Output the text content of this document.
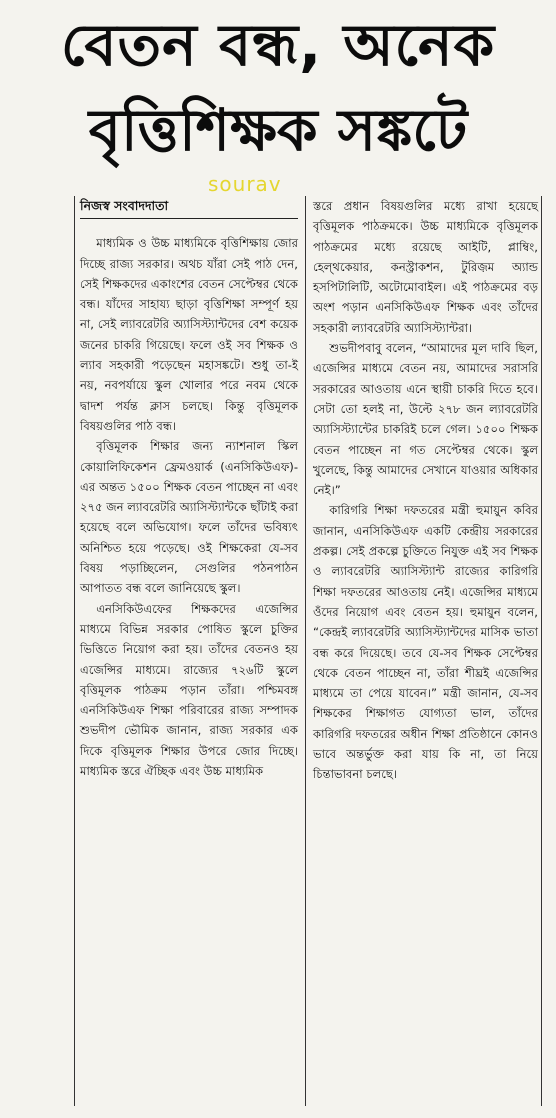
বেতন বন্ধ, অনেক
বৃত্তিশিক্ষক সঙ্কটে
sourav
নিজস্ব সংবাদদাতা

মাধ্যমিক ও উচ্চ মাধ্যমিকে বৃত্তিশিক্ষায় জোর দিচ্ছে রাজ্য সরকার। অথচ যাঁরা সেই পাঠ দেন, সেই শিক্ষকদের একাংশের বেতন সেপ্টেম্বর থেকে বন্ধ। যাঁদের সাহায্য ছাড়া বৃত্তিশিক্ষা সম্পূর্ণ হয় না, সেই ল্যাবরেটরি অ্যাসিস্ট্যান্টদের বেশ কয়েক জনের চাকরি গিয়েছে। ফলে ওই সব শিক্ষক ও ল্যাব সহকারী পড়েছেন মহাসঙ্কটে। শুধু তা-ই নয়, নবপর্যায়ে স্কুল খোলার পরে নবম থেকে দ্বাদশ পর্যন্ত ক্লাস চলছে। কিন্তু বৃত্তিমূলক বিষয়গুলির পাঠ বন্ধ।

বৃত্তিমূলক শিক্ষার জন্য ন্যাশনাল স্কিল কোয়ালিফিকেশন ফ্রেমওয়ার্ক (এনসিকিউএফ)-এর অন্তত ১৫০০ শিক্ষক বেতন পাচ্ছেন না এবং ২৭৫ জন ল্যাবরেটরি অ্যাসিস্ট্যান্টকে ছাঁটাই করা হয়েছে বলে অভিযোগ। ফলে তাঁদের ভবিষ্যৎ অনিশ্চিত হয়ে পড়েছে। ওই শিক্ষকেরা যে-সব বিষয় পড়াচ্ছিলেন, সেগুলির পঠনপাঠন আপাতত বন্ধ বলে জানিয়েছে স্কুল।

এনসিকিউএফের শিক্ষকদের এজেন্সির মাধ্যমে বিভিন্ন সরকার পোষিত স্কুলে চুক্তির ভিত্তিতে নিয়োগ করা হয়। তাঁদের বেতনও হয় এজেন্সির মাধ্যমে। রাজ্যের ৭২৬টি স্কুলে বৃত্তিমূলক পাঠক্রম পড়ান তাঁরা। পশ্চিমবঙ্গ এনসিকিউএফ শিক্ষা পরিবারের রাজ্য সম্পাদক শুভদীপ ভৌমিক জানান, রাজ্য সরকার এক দিকে বৃত্তিমূলক শিক্ষার উপরে জোর দিচ্ছে। মাধ্যমিক স্তরে ঐচ্ছিক এবং উচ্চ মাধ্যমিক

স্তরে প্রধান বিষয়গুলির মধ্যে রাখা হয়েছে বৃত্তিমূলক পাঠক্রমকে। উচ্চ মাধ্যমিকে বৃত্তিমূলক পাঠক্রমের মধ্যে রয়েছে আইটি, প্লাম্বিং, হেল্থকেয়ার, কনস্ট্রাকশন, টুরিজ়ম অ্যান্ড হসপিটালিটি, অটোমোবাইল। এই পাঠক্রমের বড় অংশ পড়ান এনসিকিউএফ শিক্ষক এবং তাঁদের সহকারী ল্যাবরেটরি অ্যাসিস্ট্যান্টরা।

শুভদীপবাবু বলেন, “আমাদের মূল দাবি ছিল, এজেন্সির মাধ্যমে বেতন নয়, আমাদের সরাসরি সরকারের আওতায় এনে স্থায়ী চাকরি দিতে হবে। সেটা তো হলই না, উল্টে ২৭৮ জন ল্যাবরেটরি অ্যাসিস্ট্যান্টের চাকরিই চলে গেল। ১৫০০ শিক্ষক বেতন পাচ্ছেন না গত সেপ্টেম্বর থেকে। স্কুল খুলেছে, কিন্তু আমাদের সেখানে যাওয়ার অধিকার নেই।”

কারিগরি শিক্ষা দফতরের মন্ত্রী হুমায়ুন কবির জানান, এনসিকিউএফ একটি কেন্দ্রীয় সরকারের প্রকল্প। সেই প্রকল্পে চুক্তিতে নিযুক্ত এই সব শিক্ষক ও ল্যাবরেটরি অ্যাসিস্ট্যান্ট রাজ্যের কারিগরি শিক্ষা দফতরের আওতায় নেই। এজেন্সির মাধ্যমে ওঁদের নিয়োগ এবং বেতন হয়। হুমায়ুন বলেন, “কেন্দ্রই ল্যাবরেটরি অ্যাসিস্ট্যান্টদের মাসিক ভাতা বন্ধ করে দিয়েছে। তবে যে-সব শিক্ষক সেপ্টেম্বর থেকে বেতন পাচ্ছেন না, তাঁরা শীঘ্রই এজেন্সির মাধ্যমে তা পেয়ে যাবেন।” মন্ত্রী জানান, যে-সব শিক্ষকের শিক্ষাগত যোগ্যতা ভাল, তাঁদের কারিগরি দফতরের অধীন শিক্ষা প্রতিষ্ঠানে কোনও ভাবে অন্তর্ভুক্ত করা যায় কি না, তা নিয়ে চিন্তাভাবনা চলছে।
